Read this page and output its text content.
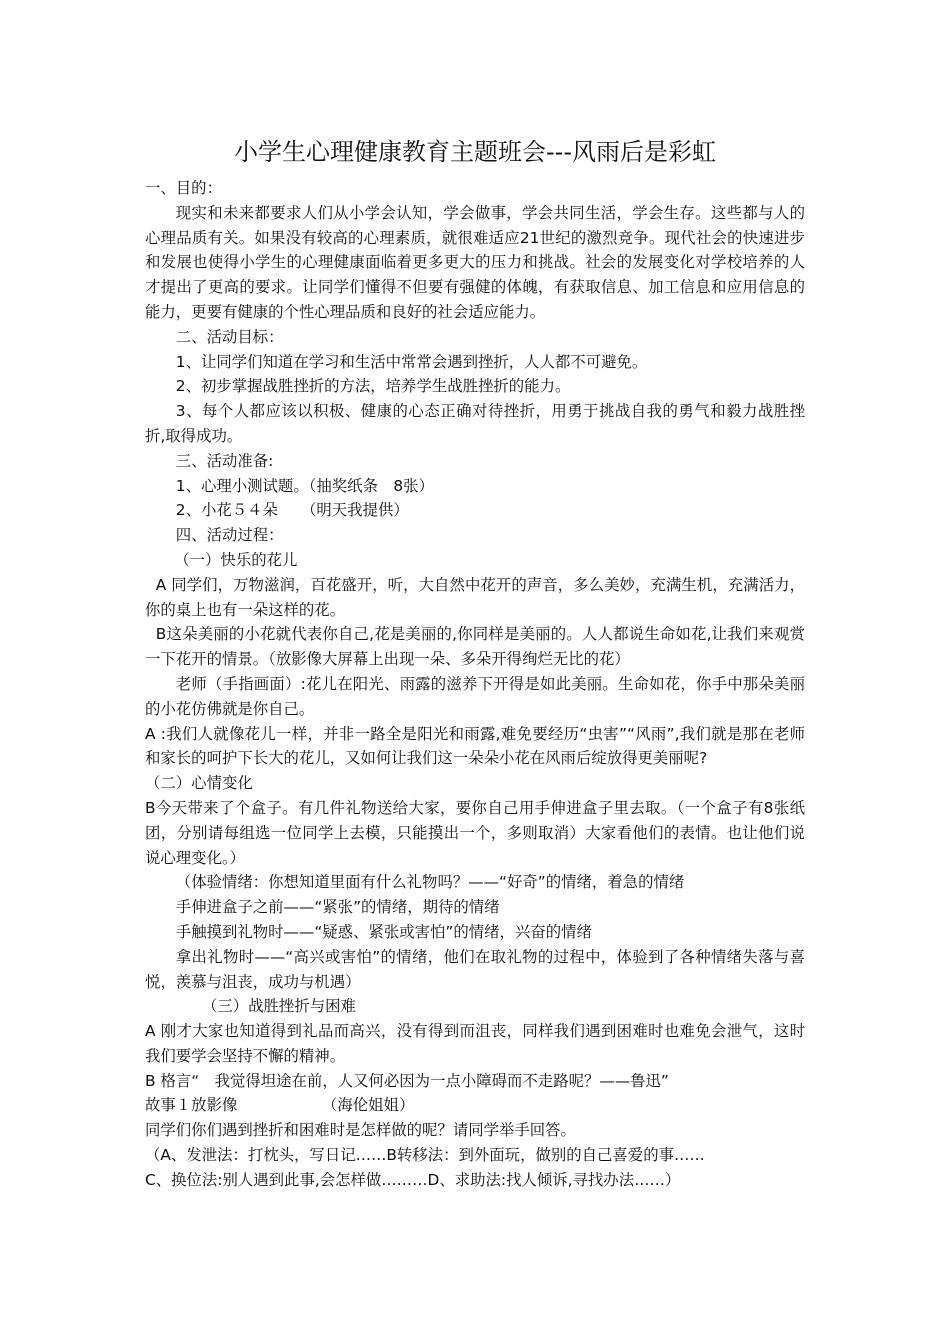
小学生心理健康教育主题班会---风雨后是彩虹

一、目的：

现实和未来都要求人们从小学会认知，学会做事，学会共同生活，学会生存。这些都与人的心理品质有关。如果没有较高的心理素质，就很难适应21世纪的激烈竞争。现代社会的快速进步和发展也使得小学生的心理健康面临着更多更大的压力和挑战。社会的发展变化对学校培养的人才提出了更高的要求。让同学们懂得不但要有强健的体魄，有获取信息、加工信息和应用信息的能力，更要有健康的个性心理品质和良好的社会适应能力。

二、活动目标：

1、让同学们知道在学习和生活中常常会遇到挫折，人人都不可避免。

2、初步掌握战胜挫折的方法，培养学生战胜挫折的能力。

3、每个人都应该以积极、健康的心态正确对待挫折，用勇于挑战自我的勇气和毅力战胜挫折,取得成功。

三、活动准备:

1、心理小测试题。（抽奖纸条　8张）

2、小花５４朵　　（明天我提供）

四、活动过程：

（一）快乐的花儿

A 同学们，万物滋润，百花盛开，听，大自然中花开的声音，多么美妙，充满生机，充满活力，你的桌上也有一朵这样的花。

B这朵美丽的小花就代表你自己,花是美丽的,你同样是美丽的。人人都说生命如花,让我们来观赏一下花开的情景。（放影像大屏幕上出现一朵、多朵开得绚烂无比的花）

老师（手指画面）:花儿在阳光、雨露的滋养下开得是如此美丽。生命如花，你手中那朵美丽的小花仿佛就是你自己。

A :我们人就像花儿一样，并非一路全是阳光和雨露,难免要经历“虫害”“风雨”,我们就是那在老师和家长的呵护下长大的花儿，又如何让我们这一朵朵小花在风雨后绽放得更美丽呢?

（二）心情变化

B今天带来了个盒子。有几件礼物送给大家，要你自己用手伸进盒子里去取。（一个盒子有8张纸团，分别请每组选一位同学上去模，只能摸出一个，多则取消）大家看他们的表情。也让他们说说心理变化。）

（体验情绪：你想知道里面有什么礼物吗？——“好奇”的情绪，着急的情绪

手伸进盒子之前——“紧张”的情绪，期待的情绪

手触摸到礼物时——“疑惑、紧张或害怕”的情绪，兴奋的情绪

拿出礼物时——“高兴或害怕”的情绪，他们在取礼物的过程中，体验到了各种情绪失落与喜悦，羡慕与沮丧，成功与机遇）

（三）战胜挫折与困难

A 刚才大家也知道得到礼品而高兴，没有得到而沮丧，同样我们遇到困难时也难免会泄气，这时我们要学会坚持不懈的精神。

B 格言“　我觉得坦途在前，人又何必因为一点小障碍而不走路呢？——鲁迅”

故事１放影像　　　　　　（海伦姐姐）

同学们你们遇到挫折和困难时是怎样做的呢？请同学举手回答。

（A、发泄法：打枕头，写日记……B转移法：到外面玩，做别的自己喜爱的事……

C、换位法:别人遇到此事,会怎样做………D、求助法:找人倾诉,寻找办法……）
